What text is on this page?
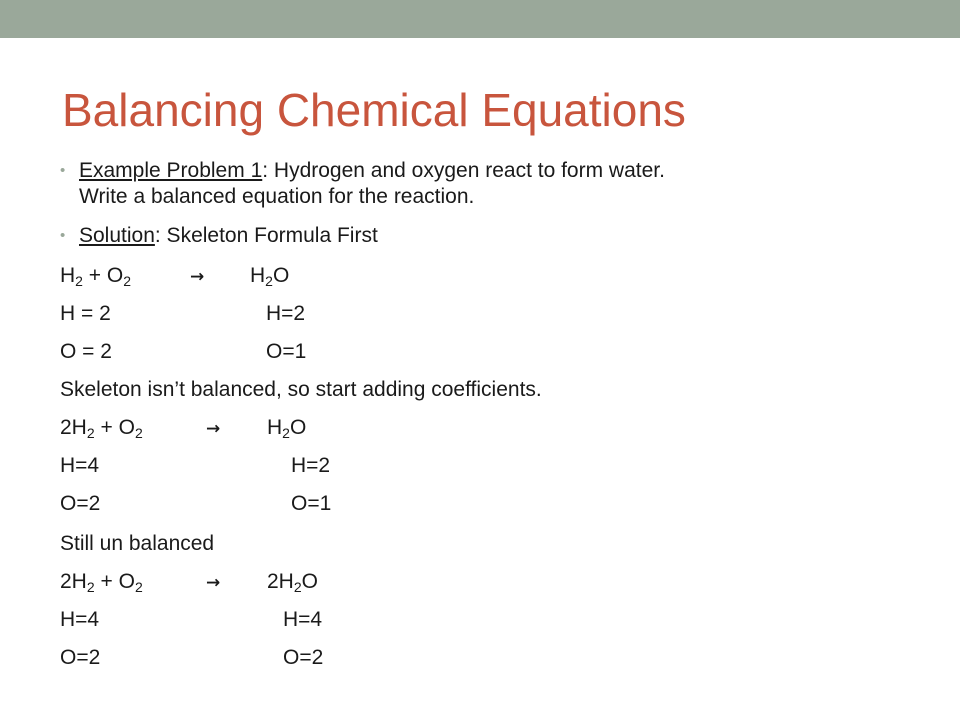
Balancing Chemical Equations
• Example Problem 1: Hydrogen and oxygen react to form water.
Write a balanced equation for the reaction.
• Solution: Skeleton Formula First
$H_2 + O_2$	→ $H_2O$
H = 2	H=2
O = 2	O=1
Skeleton isn’t balanced, so start adding coefficients.
$2H_2 + O_2$	→ $H_2O$
H=4	H=2
O=2	O=1
Still un balanced
$2H_2 + O_2$	→ $2H_2O$
H=4	H=4
O=2	O=2
